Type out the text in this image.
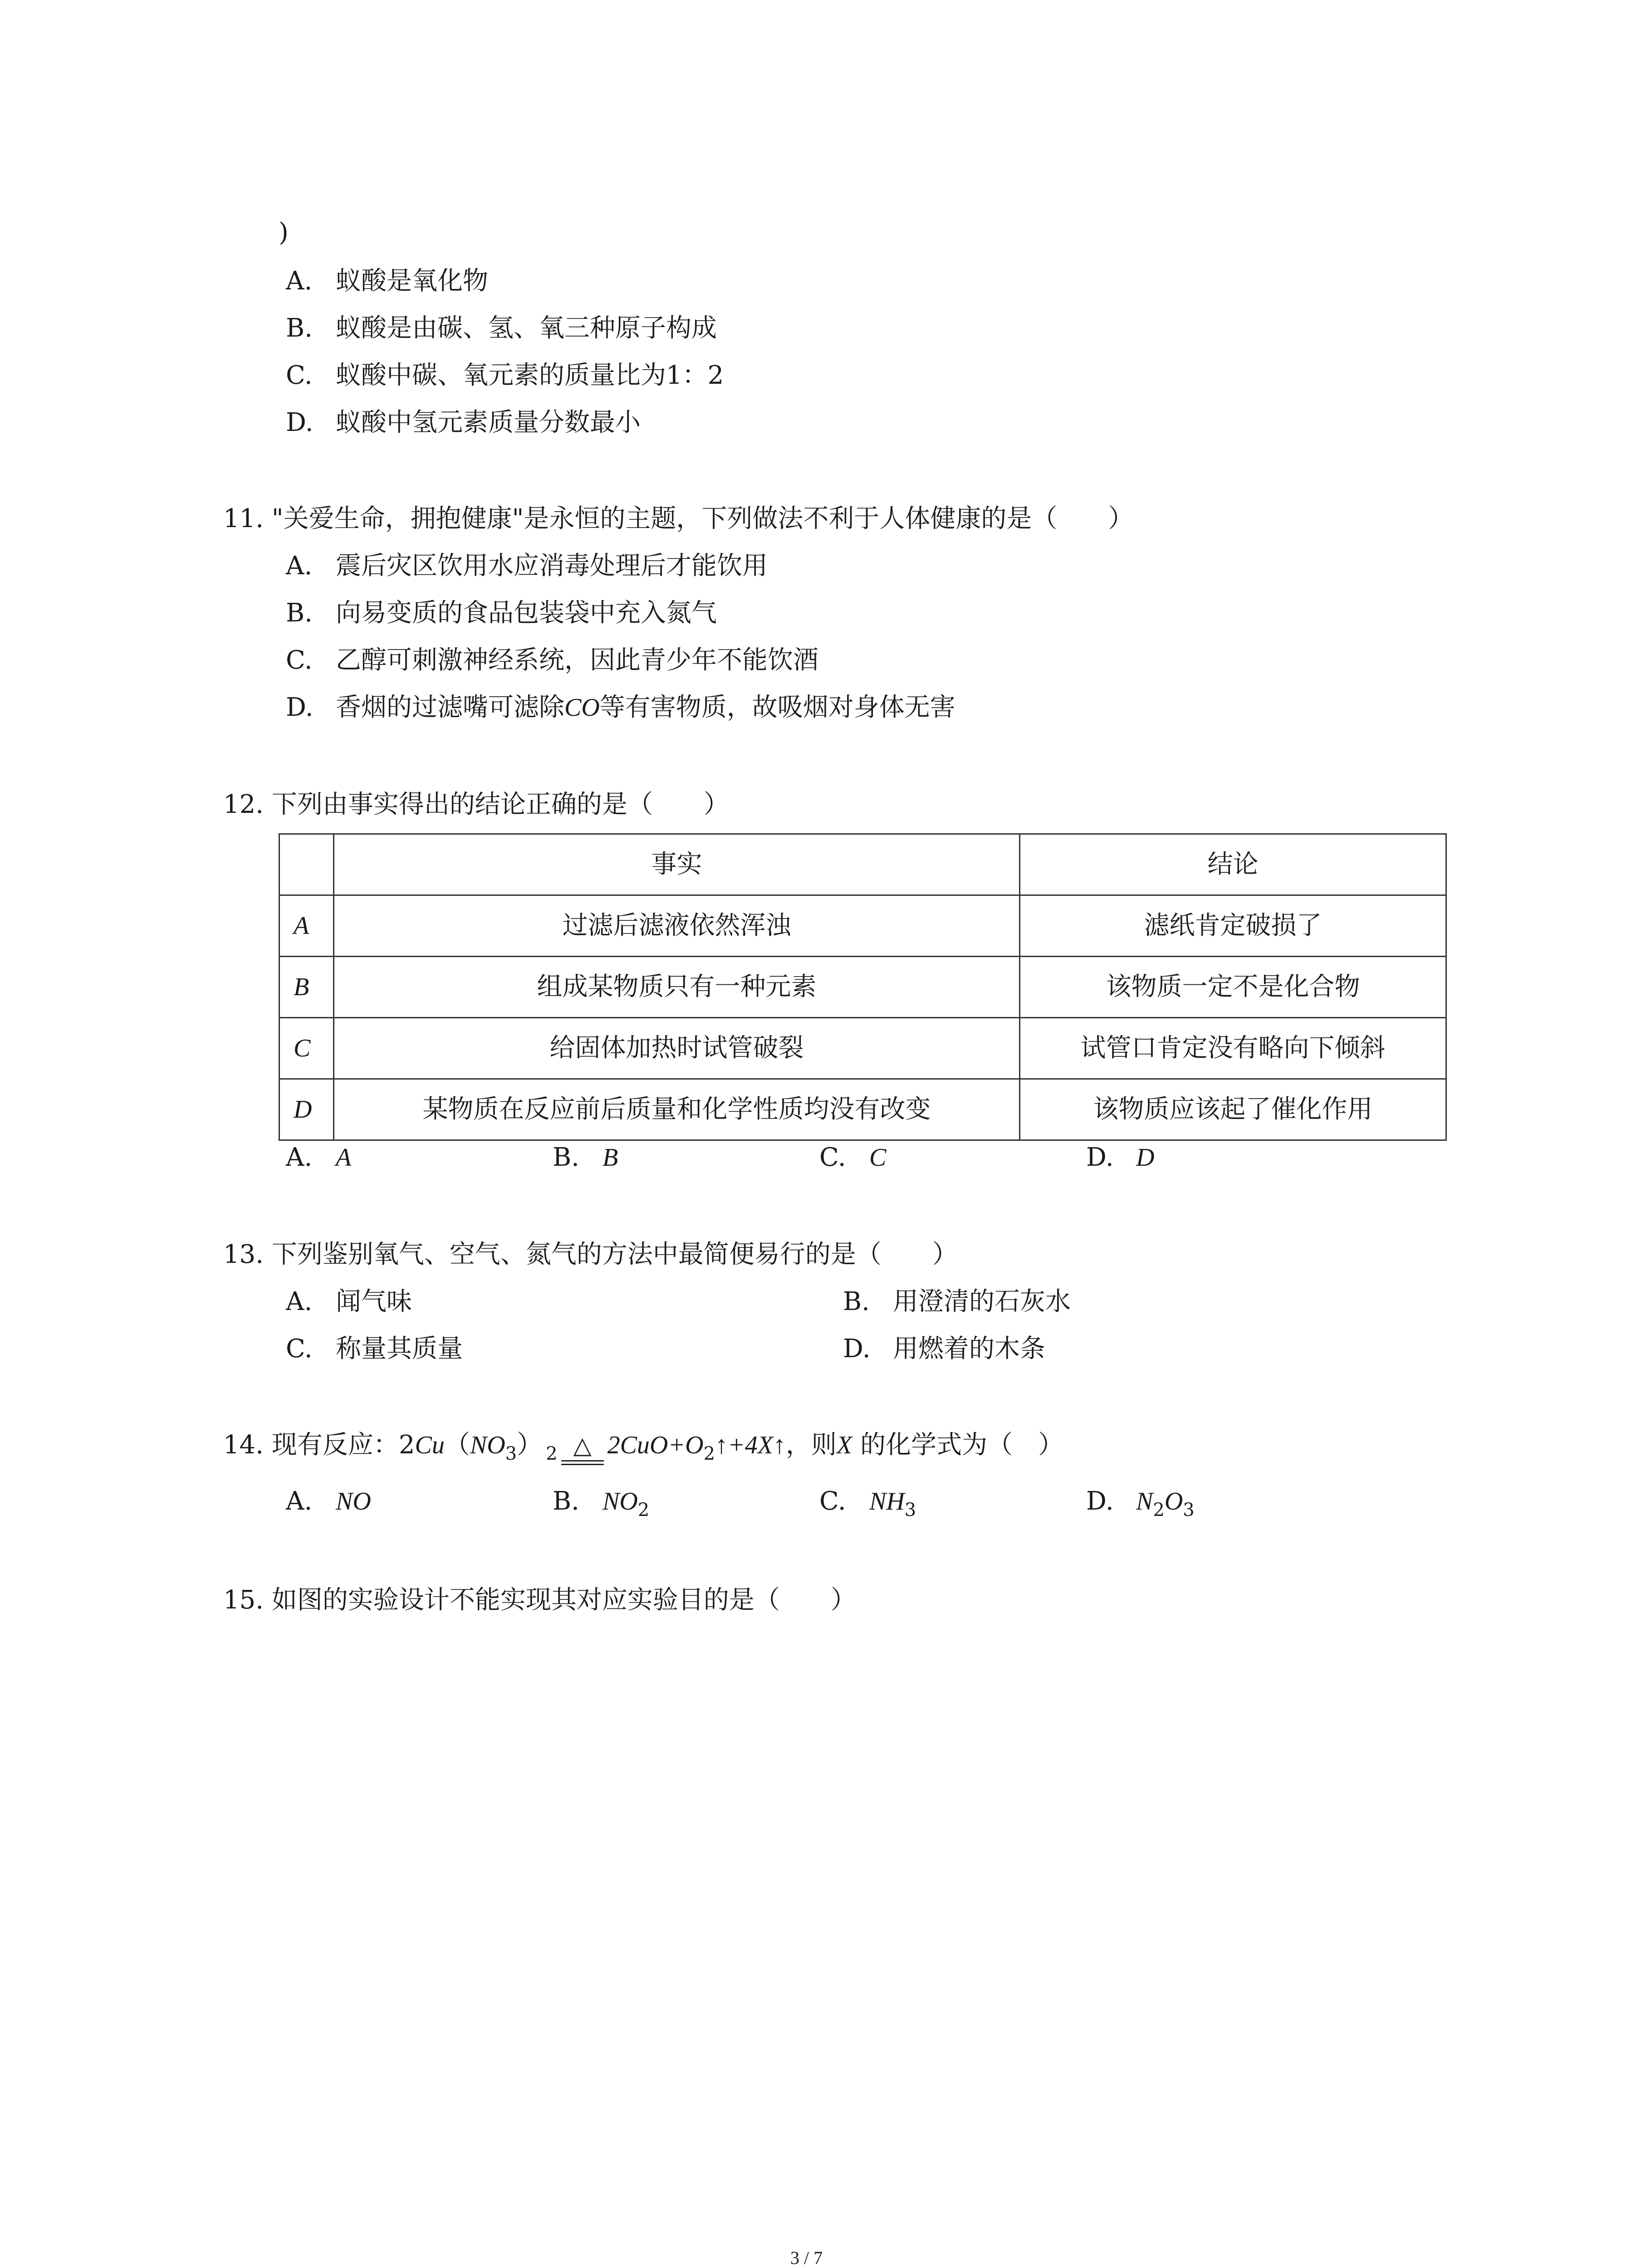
)
A. 蚁酸是氧化物
B. 蚁酸是由碳、氢、氧三种原子构成
C. 蚁酸中碳、氧元素的质量比为1：2
D. 蚁酸中氢元素质量分数最小
11. "关爱生命，拥抱健康"是永恒的主题，下列做法不利于人体健康的是（　　）
A. 震后灾区饮用水应消毒处理后才能饮用
B. 向易变质的食品包装袋中充入氮气
C. 乙醇可刺激神经系统，因此青少年不能饮酒
D. 香烟的过滤嘴可滤除CO等有害物质，故吸烟对身体无害
12. 下列由事实得出的结论正确的是（　　）
	事实	结论
A	过滤后滤液依然浑浊	滤纸肯定破损了
B	组成某物质只有一种元素	该物质一定不是化合物
C	给固体加热时试管破裂	试管口肯定没有略向下倾斜
D	某物质在反应前后质量和化学性质均没有改变	该物质应该起了催化作用
A. A	B. B	C. C	D. D
13. 下列鉴别氧气、空气、氮气的方法中最简便易行的是（　　）
A. 闻气味	B. 用澄清的石灰水
C. 称量其质量	D. 用燃着的木条
14. 现有反应：$2Cu(NO_3)$ $_2$ △ $2CuO+O_2↑+4X↑$，则X 的化学式为（　）
A. NO	B. $NO_2$	C. $NH_3$	D. $N_2O_3$
15. 如图的实验设计不能实现其对应实验目的是（　　）
3 / 7
